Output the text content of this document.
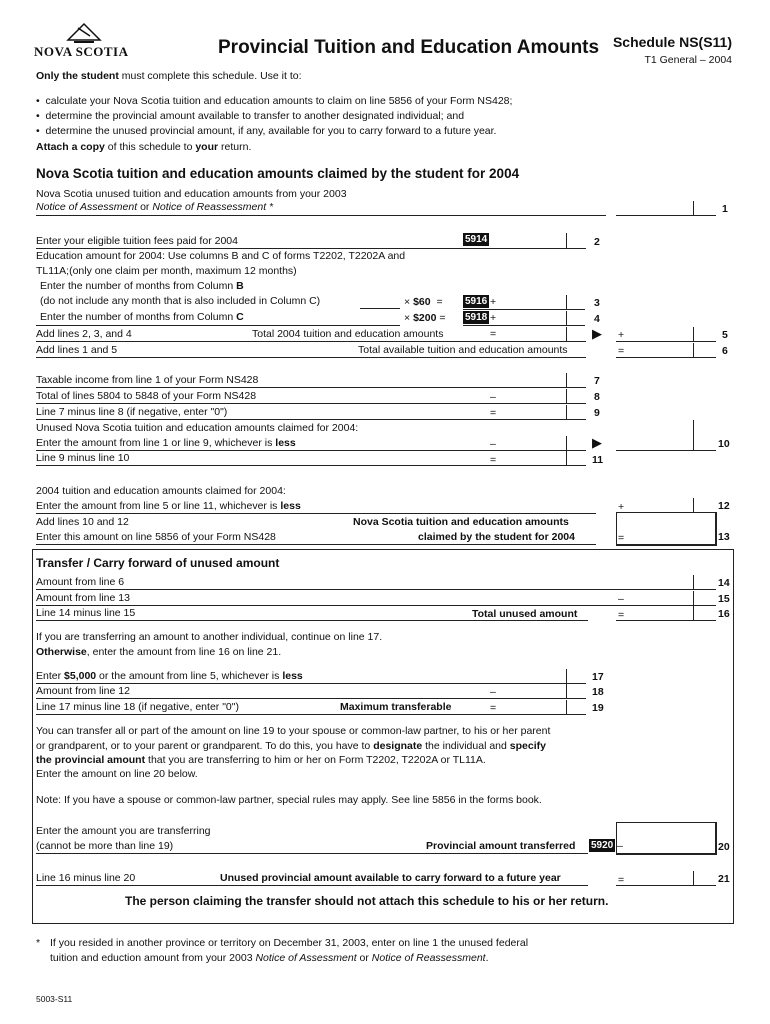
NOVA SCOTIA	Provincial Tuition and Education Amounts Schedule NS(S11)
T1 General – 2004
Only the student must complete this schedule. Use it to:
•  calculate your Nova Scotia tuition and education amounts to claim on line 5856 of your Form NS428;
•  determine the provincial amount available to transfer to another designated individual; and
•  determine the unused provincial amount, if any, available for you to carry forward to a future year.
Attach a copy of this schedule to your return.
Nova Scotia tuition and education amounts claimed by the student for 2004
Nova Scotia unused tuition and education amounts from your 2003
Notice of Assessment or Notice of Reassessment *	1
Enter your eligible tuition fees paid for 2004	5914	2
Education amount for 2004: Use columns B and C of forms T2202, T2202A and
TL11A;(only one claim per month, maximum 12 months)
Enter the number of months from Column B
(do not include any month that is also included in Column C)	× $60 = 5916 +	3
Enter the number of months from Column C	× $200 = 5918 +	4
Add lines 2, 3, and 4	Total 2004 tuition and education amounts	=	▶ +	5
Add lines 1 and 5	Total available tuition and education amounts	=	6
Taxable income from line 1 of your Form NS428	7
Total of lines 5804 to 5848 of your Form NS428	–	8
Line 7 minus line 8 (if negative, enter "0")	=	9
Unused Nova Scotia tuition and education amounts claimed for 2004:
Enter the amount from line 1 or line 9, whichever is less	–	▶	10
Line 9 minus line 10	=	11
2004 tuition and education amounts claimed for 2004:
Enter the amount from line 5 or line 11, whichever is less	+	12
Add lines 10 and 12
Enter this amount on line 5856 of your Form NS428
Nova Scotia tuition and education amounts
claimed by the student for 2004	=	13
Transfer / Carry forward of unused amount
Amount from line 6	14
Amount from line 13	–	15
Line 14 minus line 15	Total unused amount	=	16
If you are transferring an amount to another individual, continue on line 17.
Otherwise, enter the amount from line 16 on line 21.
Enter $5,000 or the amount from line 5, whichever is less	17
Amount from line 12	–	18
Line 17 minus line 18 (if negative, enter "0")	Maximum transferable	=	19
You can transfer all or part of the amount on line 19 to your spouse or common-law partner, to his or her parent
or grandparent, or to your parent or grandparent. To do this, you have to designate the individual and specify
the provincial amount that you are transferring to him or her on Form T2202, T2202A or TL11A.
Enter the amount on line 20 below.
Note: If you have a spouse or common-law partner, special rules may apply. See line 5856 in the forms book.
Enter the amount you are transferring
(cannot be more than line 19)	Provincial amount transferred 5920 –	20
Line 16 minus line 20	Unused provincial amount available to carry forward to a future year	=	21
The person claiming the transfer should not attach this schedule to his or her return.
* If you resided in another province or territory on December 31, 2003, enter on line 1 the unused federal
tuition and eduction amount from your 2003 Notice of Assessment or Notice of Reassessment.
5003-S11
